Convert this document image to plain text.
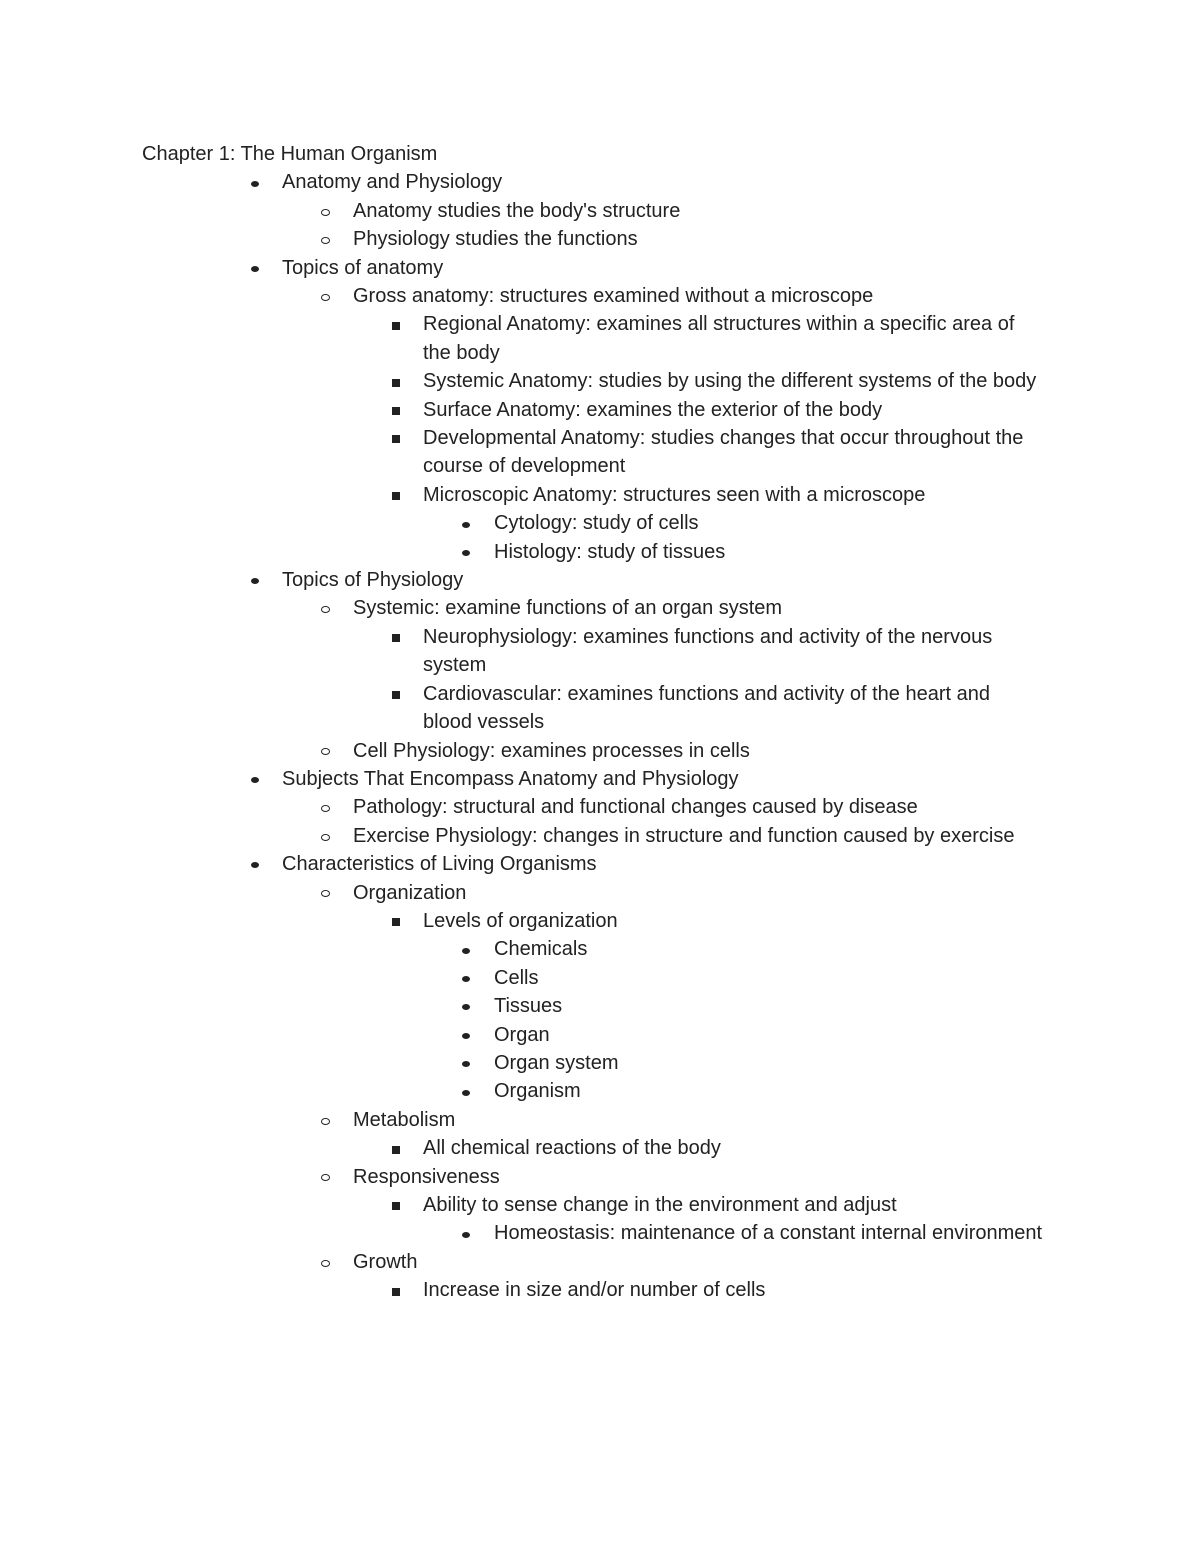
Chapter 1: The Human Organism
Anatomy and Physiology
Anatomy studies the body's structure
Physiology studies the functions
Topics of anatomy
Gross anatomy: structures examined without a microscope
Regional Anatomy: examines all structures within a specific area of the body
Systemic Anatomy: studies by using the different systems of the body
Surface Anatomy: examines the exterior of the body
Developmental Anatomy: studies changes that occur throughout the course of development
Microscopic Anatomy: structures seen with a microscope
Cytology: study of cells
Histology: study of tissues
Topics of Physiology
Systemic: examine functions of an organ system
Neurophysiology: examines functions and activity of the nervous system
Cardiovascular: examines functions and activity of the heart and blood vessels
Cell Physiology: examines processes in cells
Subjects That Encompass Anatomy and Physiology
Pathology: structural and functional changes caused by disease
Exercise Physiology: changes in structure and function caused by exercise
Characteristics of Living Organisms
Organization
Levels of organization
Chemicals
Cells
Tissues
Organ
Organ system
Organism
Metabolism
All chemical reactions of the body
Responsiveness
Ability to sense change in the environment and adjust
Homeostasis: maintenance of a constant internal environment
Growth
Increase in size and/or number of cells
